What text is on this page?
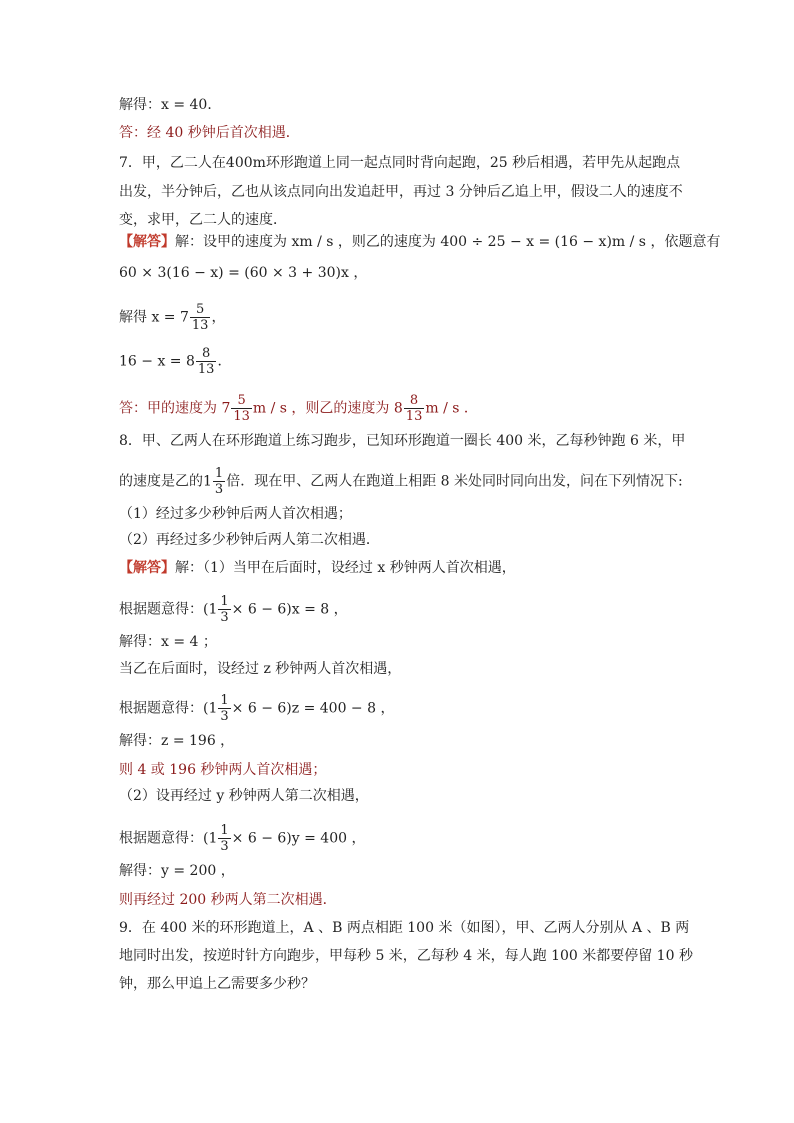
解得：x = 40．
答：经 40 秒钟后首次相遇．
7．甲，乙二人在400m环形跑道上同一起点同时背向起跑，25 秒后相遇，若甲先从起跑点
出发，半分钟后，乙也从该点同向出发追赶甲，再过 3 分钟后乙追上甲，假设二人的速度不
变，求甲，乙二人的速度．
【解答】解：设甲的速度为 xm / s ，则乙的速度为 400 ÷ 25 − x = (16 − x)m / s ，依题意有
60 × 3(16 − x) = (60 × 3 + 30)x ，
解得 $x = 7 \frac{5}{13}$ ，
$16 - x = 8 \frac{8}{13}$ ．
答：甲的速度为 $7 \frac{5}{13}$ m / s ，则乙的速度为 $8 \frac{8}{13}$ m / s ．
8．甲、乙两人在环形跑道上练习跑步，已知环形跑道一圈长 400 米，乙每秒钟跑 6 米，甲
的速度是乙的$1 \frac{1}{3}$ 倍．现在甲、乙两人在跑道上相距 8 米处同时同向出发，问在下列情况下:
（1）经过多少秒钟后两人首次相遇；
（2）再经过多少秒钟后两人第二次相遇．
【解答】解：（1）当甲在后面时，设经过 x 秒钟两人首次相遇，
根据题意得：$(1 \frac{1}{3} \times 6 - 6)x = 8$ ，
解得：x = 4 ；
当乙在后面时，设经过 z 秒钟两人首次相遇，
根据题意得：$(1 \frac{1}{3} \times 6 - 6)z = 400 - 8$ ，
解得：z = 196 ，
则 4 或 196 秒钟两人首次相遇；
（2）设再经过 y 秒钟两人第二次相遇，
根据题意得：$(1 \frac{1}{3} \times 6 - 6)y = 400$ ，
解得：y = 200 ，
则再经过 200 秒两人第二次相遇．
9．在 400 米的环形跑道上，A 、B 两点相距 100 米（如图），甲、乙两人分别从 A 、B 两
地同时出发，按逆时针方向跑步，甲每秒 5 米，乙每秒 4 米，每人跑 100 米都要停留 10 秒
钟，那么甲追上乙需要多少秒？
